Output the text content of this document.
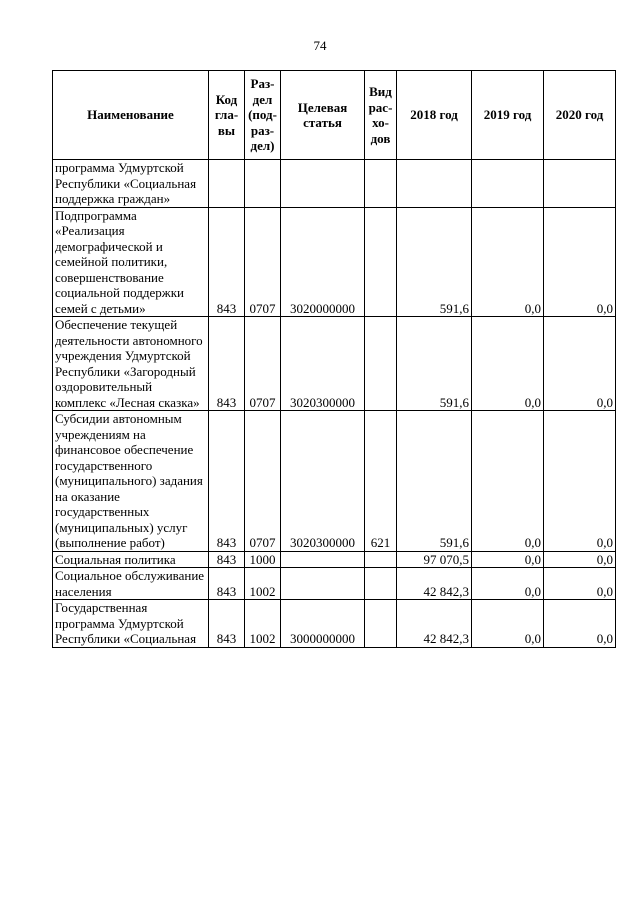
74
Наименование	Код гла-вы	Раз-дел (под-раз-дел)	Целевая статья	Вид рас-хо-дов	2018 год	2019 год	2020 год
программа Удмуртской Республики «Социальная поддержка граждан»							
Подпрограмма «Реализация демографической и семейной политики, совершенствование социальной поддержки семей с детьми»	843	0707	3020000000		591,6	0,0	0,0
Обеспечение текущей деятельности автономного учреждения Удмуртской Республики «Загородный оздоровительный комплекс «Лесная сказка»	843	0707	3020300000		591,6	0,0	0,0
Субсидии автономным учреждениям на финансовое обеспечение государственного (муниципального) задания на оказание государственных (муниципальных) услуг (выполнение работ)	843	0707	3020300000	621	591,6	0,0	0,0
Социальная политика	843	1000			97 070,5	0,0	0,0
Социальное обслуживание населения	843	1002			42 842,3	0,0	0,0
Государственная программа Удмуртской Республики «Социальная	843	1002	3000000000		42 842,3	0,0	0,0
